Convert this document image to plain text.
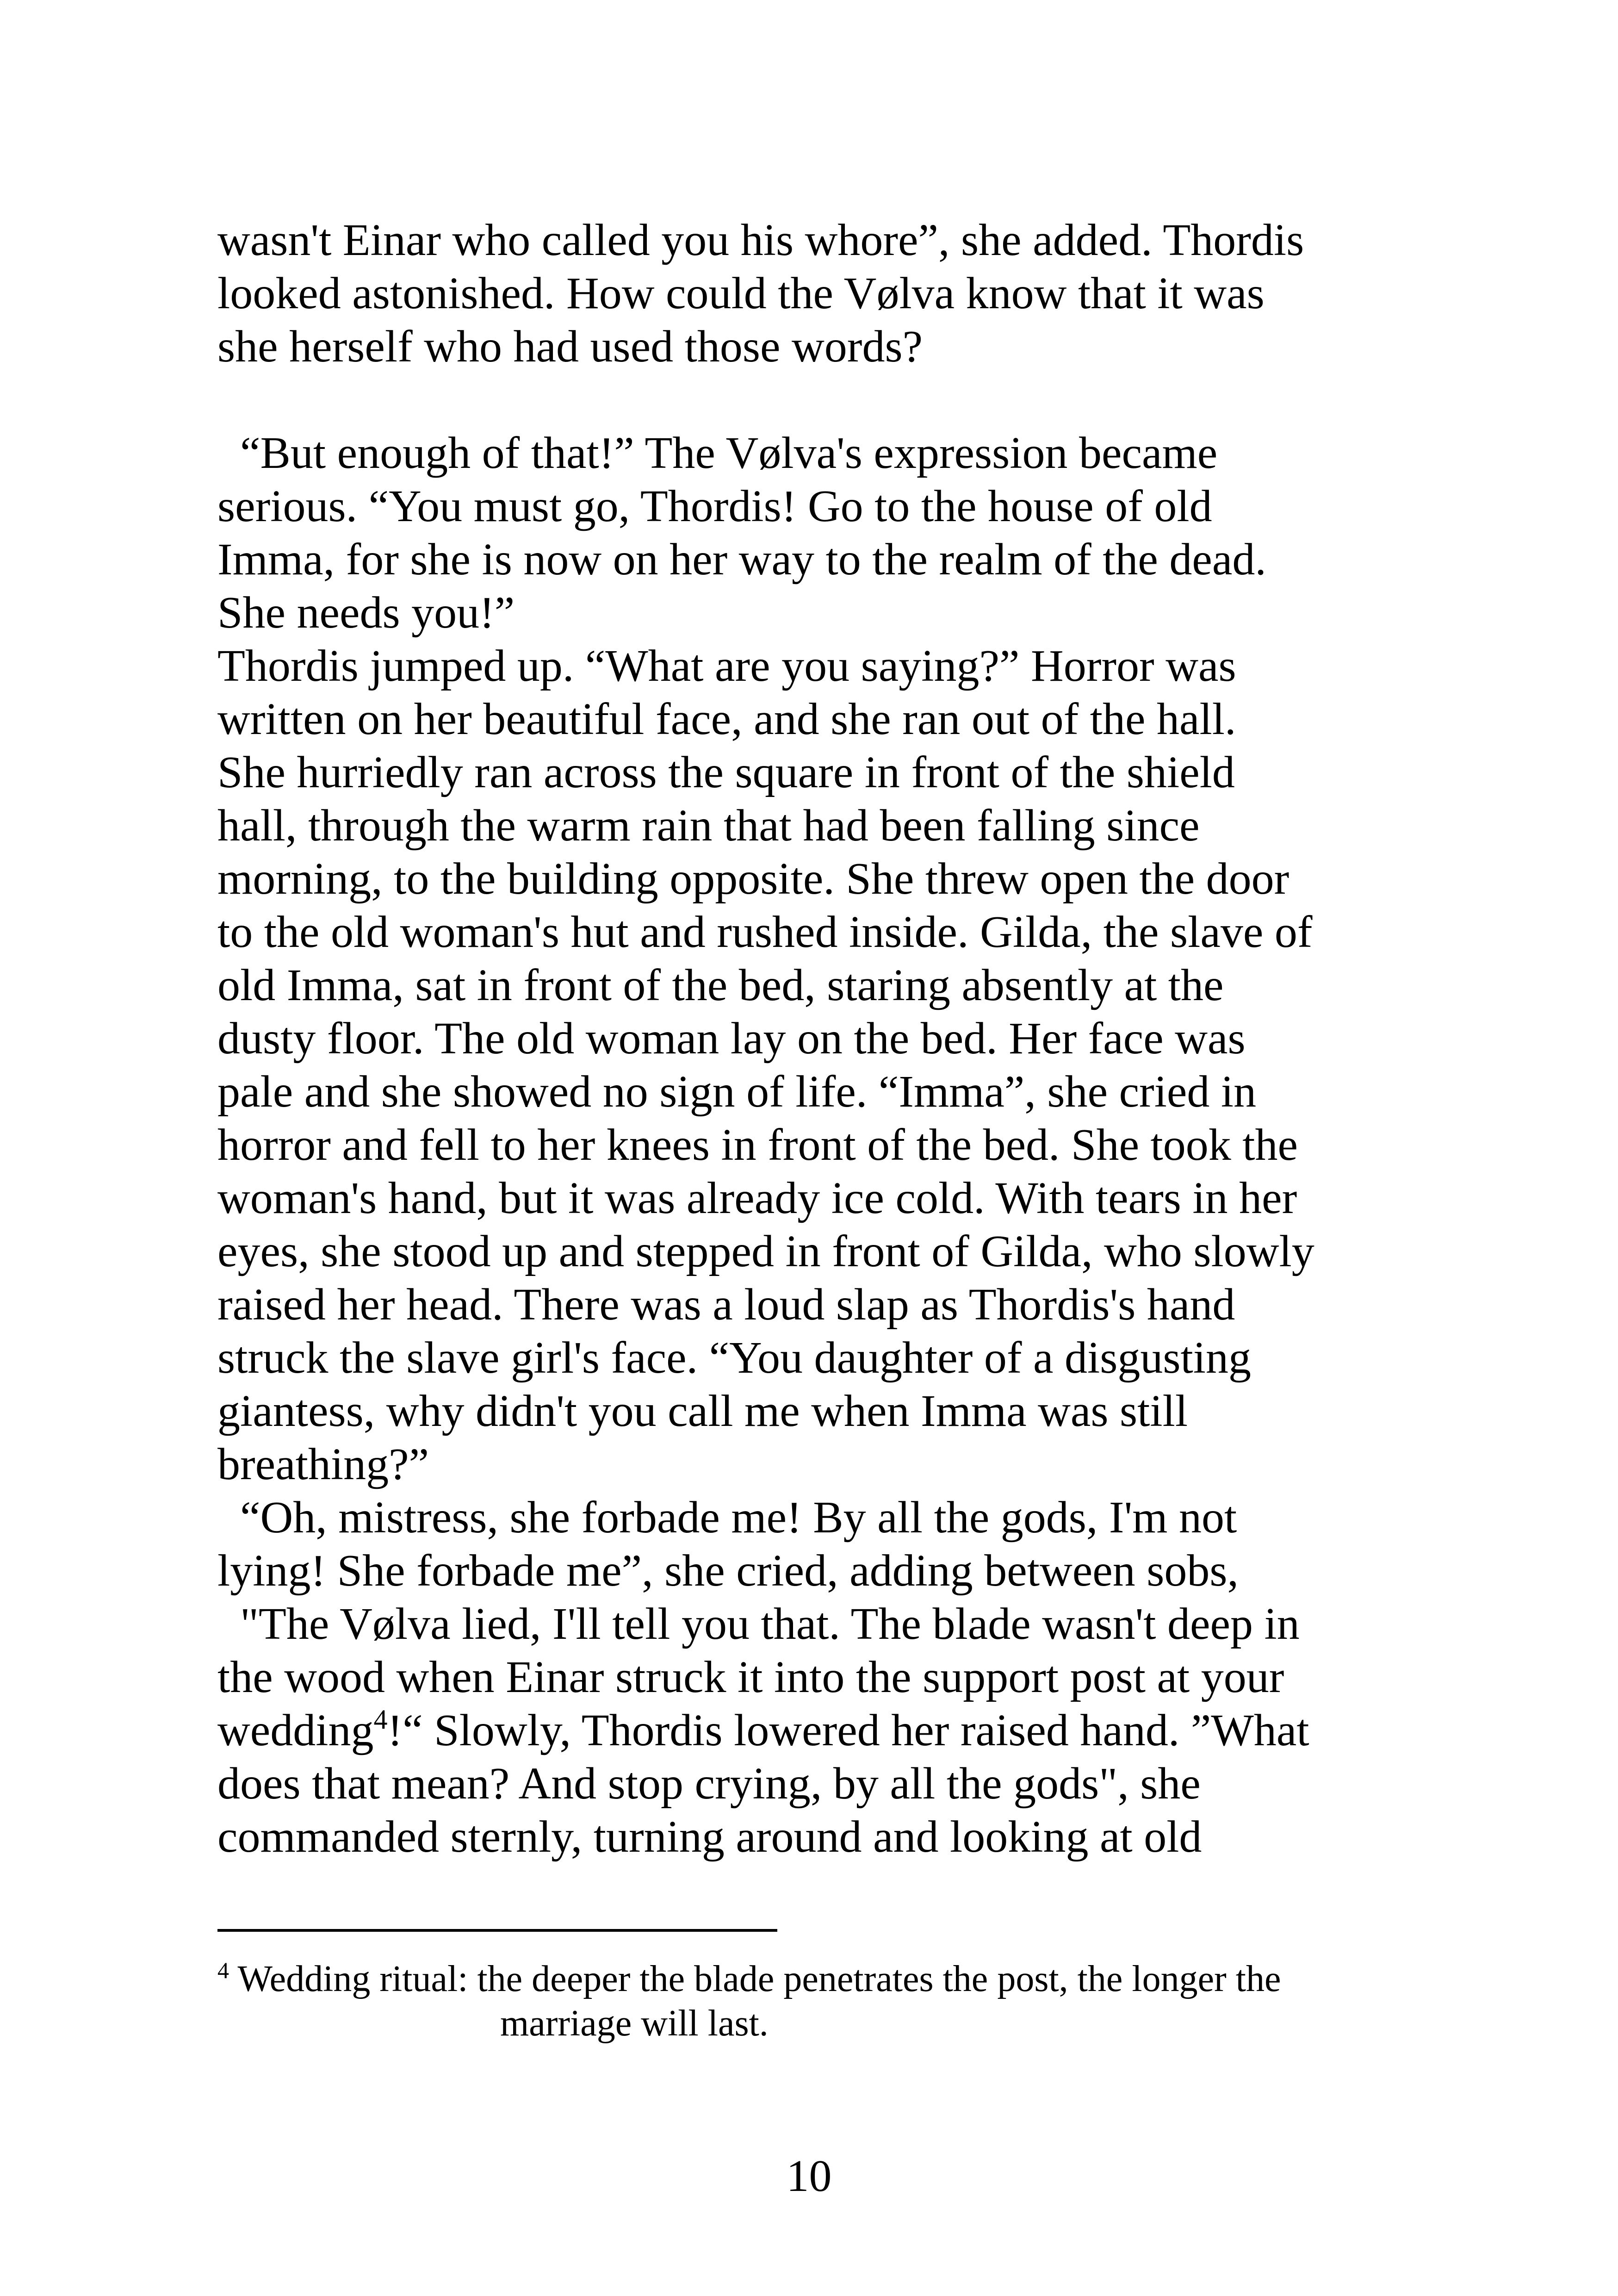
wasn't Einar who called you his whore”, she added. Thordis
looked astonished. How could the Vølva know that it was
she herself who had used those words?
“But enough of that!” The Vølva's expression became
serious. “You must go, Thordis! Go to the house of old
Imma, for she is now on her way to the realm of the dead.
She needs you!”
Thordis jumped up. “What are you saying?” Horror was
written on her beautiful face, and she ran out of the hall.
She hurriedly ran across the square in front of the shield
hall, through the warm rain that had been falling since
morning, to the building opposite. She threw open the door
to the old woman's hut and rushed inside. Gilda, the slave of
old Imma, sat in front of the bed, staring absently at the
dusty floor. The old woman lay on the bed. Her face was
pale and she showed no sign of life. “Imma”, she cried in
horror and fell to her knees in front of the bed. She took the
woman's hand, but it was already ice cold. With tears in her
eyes, she stood up and stepped in front of Gilda, who slowly
raised her head. There was a loud slap as Thordis's hand
struck the slave girl's face. “You daughter of a disgusting
giantess, why didn't you call me when Imma was still
breathing?”
“Oh, mistress, she forbade me! By all the gods, I'm not
lying! She forbade me”, she cried, adding between sobs,
"The Vølva lied, I'll tell you that. The blade wasn't deep in
the wood when Einar struck it into the support post at your
wedding$^4$!“ Slowly, Thordis lowered her raised hand. ”What
does that mean? And stop crying, by all the gods", she
commanded sternly, turning around and looking at old
$^4$ Wedding ritual: the deeper the blade penetrates the post, the longer the
marriage will last.
10
